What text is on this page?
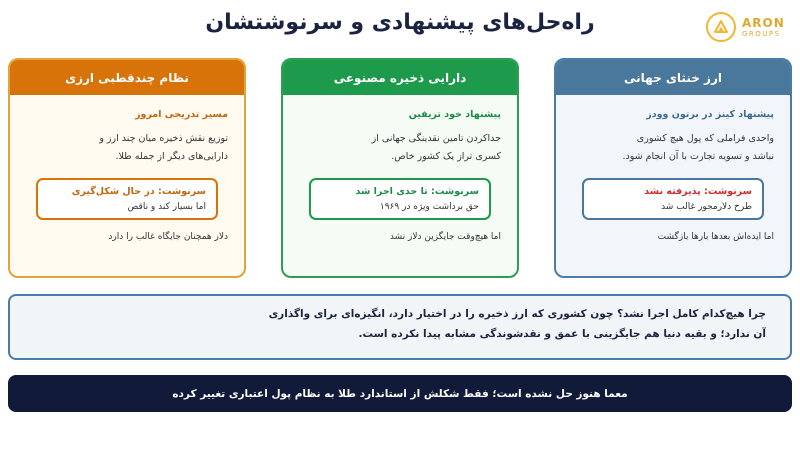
راه‌حل‌های پیشنهادی و سرنوشتشان	ARON
GROUPS
ارز خنثای جهانی
پیشنهاد کینز در برتون وودز
واحدی فراملی که پول هیچ کشوری
نباشد و تسویه تجارت با آن انجام شود.
سرنوشت: پذیرفته نشد
طرح دلارمحور غالب شد
اما ایده‌اش بعدها بارها بازگشت
دارایی ذخیره مصنوعی
پیشنهاد خود تریفین
جداکردن تامین نقدینگی جهانی از
کسری تراز یک کشور خاص.
سرنوشت: تا حدی اجرا شد
حق برداشت ویژه در ۱۹۶۹
اما هیچ‌وقت جایگزین دلار نشد
نظام چندقطبی ارزی
مسیر تدریجی امروز
توزیع نقش ذخیره میان چند ارز و
دارایی‌های دیگر از جمله طلا.
سرنوشت: در حال شکل‌گیری
اما بسیار کند و ناقص
دلار همچنان جایگاه غالب را دارد
چرا هیچ‌کدام کامل اجرا نشد؟ چون کشوری که ارز ذخیره را در اختیار دارد، انگیزه‌ای برای واگذاری
آن ندارد؛ و بقیه دنیا هم جایگزینی با عمق و نقدشوندگی مشابه پیدا نکرده است.
معما هنوز حل نشده است؛ فقط شکلش از استاندارد طلا به نظام پول اعتباری تغییر کرده
